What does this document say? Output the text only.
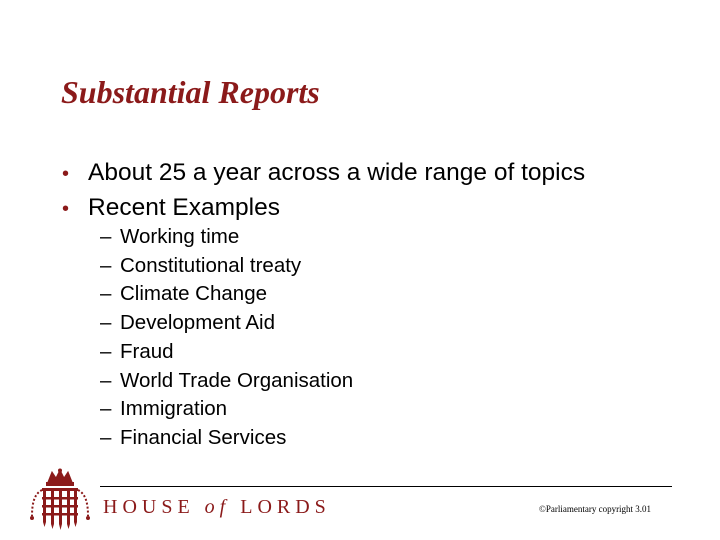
Substantial Reports
• About 25 a year across a wide range of topics
• Recent Examples
– Working time
– Constitutional treaty
– Climate Change
– Development Aid
– Fraud
– World Trade Organisation
– Immigration
– Financial Services
HOUSE of LORDS	©Parliamentary copyright 3.01
